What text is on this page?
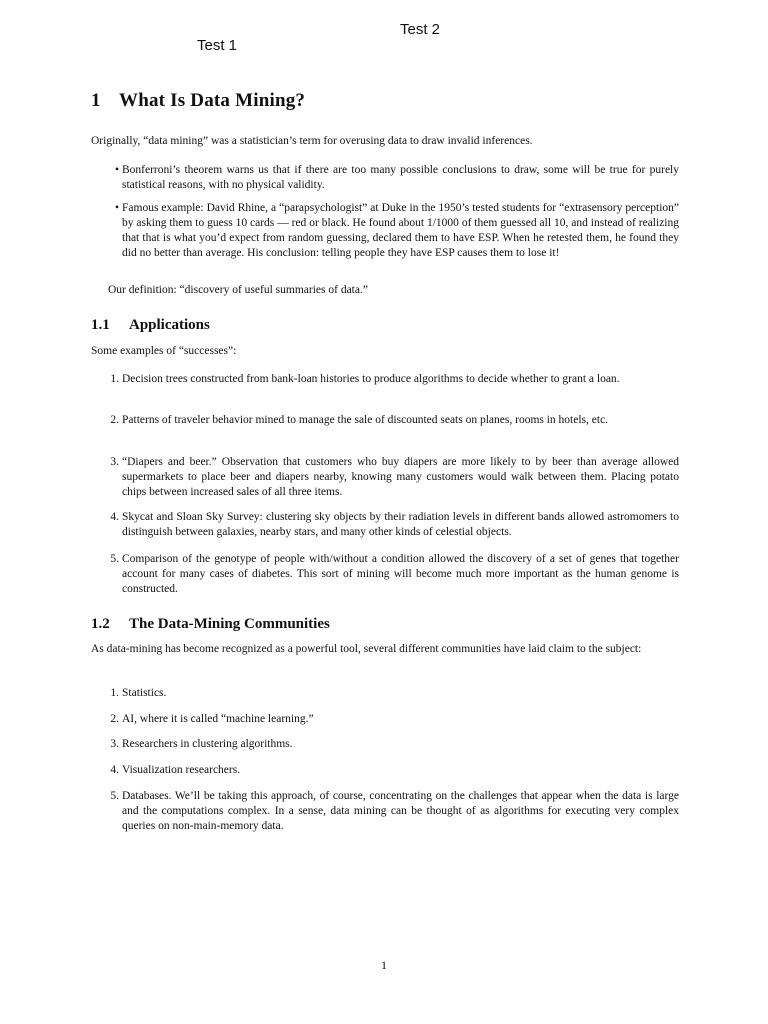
Test 2
Test 1
1 What Is Data Mining?
Originally, “data mining” was a statistician’s term for overusing data to draw invalid inferences.
• Bonferroni’s theorem warns us that if there are too many possible conclusions to draw, some will be true for purely statistical reasons, with no physical validity.
• Famous example: David Rhine, a “parapsychologist” at Duke in the 1950’s tested students for “extrasensory perception” by asking them to guess 10 cards — red or black. He found about 1/1000 of them guessed all 10, and instead of realizing that that is what you’d expect from random guessing, declared them to have ESP. When he retested them, he found they did no better than average. His conclusion: telling people they have ESP causes them to lose it!
Our definition: “discovery of useful summaries of data.”
1.1 Applications
Some examples of “successes”:
1. Decision trees constructed from bank-loan histories to produce algorithms to decide whether to grant a loan.
2. Patterns of traveler behavior mined to manage the sale of discounted seats on planes, rooms in hotels, etc.
3. “Diapers and beer.” Observation that customers who buy diapers are more likely to by beer than average allowed supermarkets to place beer and diapers nearby, knowing many customers would walk between them. Placing potato chips between increased sales of all three items.
4. Skycat and Sloan Sky Survey: clustering sky objects by their radiation levels in different bands allowed astromomers to distinguish between galaxies, nearby stars, and many other kinds of celestial objects.
5. Comparison of the genotype of people with/without a condition allowed the discovery of a set of genes that together account for many cases of diabetes. This sort of mining will become much more important as the human genome is constructed.
1.2 The Data-Mining Communities
As data-mining has become recognized as a powerful tool, several different communities have laid claim to the subject:
1. Statistics.
2. AI, where it is called “machine learning.”
3. Researchers in clustering algorithms.
4. Visualization researchers.
5. Databases. We’ll be taking this approach, of course, concentrating on the challenges that appear when the data is large and the computations complex. In a sense, data mining can be thought of as algorithms for executing very complex queries on non-main-memory data.
1
